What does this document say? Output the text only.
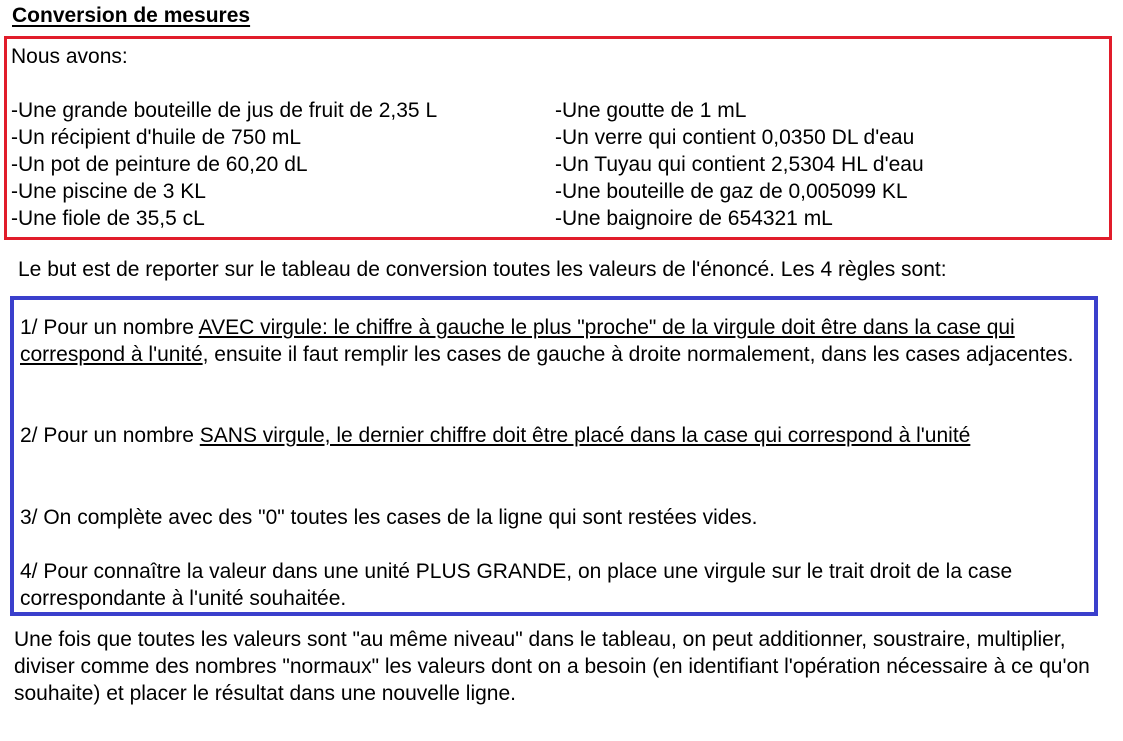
Conversion de mesures
Nous avons:
-Une grande bouteille de jus de fruit de 2,35 L
-Un récipient d'huile de 750 mL
-Un pot de peinture de 60,20 dL
-Une piscine de 3 KL
-Une fiole de 35,5 cL
-Une goutte de 1 mL
-Un verre qui contient 0,0350 DL d'eau
-Un Tuyau qui contient 2,5304 HL d'eau
-Une bouteille de gaz de 0,005099 KL
-Une baignoire de 654321 mL
Le but est de reporter sur le tableau de conversion toutes les valeurs de l'énoncé. Les 4 règles sont:
1/ Pour un nombre AVEC virgule: le chiffre à gauche le plus "proche" de la virgule doit être dans la case qui correspond à l'unité, ensuite il faut remplir les cases de gauche à droite normalement, dans les cases adjacentes.
2/ Pour un nombre SANS virgule, le dernier chiffre doit être placé dans la case qui correspond à l'unité
3/ On complète avec des "0" toutes les cases de la ligne qui sont restées vides.
4/ Pour connaître la valeur dans une unité PLUS GRANDE, on place une virgule sur le trait droit de la case correspondante à l'unité souhaitée.
Une fois que toutes les valeurs sont "au même niveau" dans le tableau, on peut additionner, soustraire, multiplier, diviser comme des nombres "normaux" les valeurs dont on a besoin (en identifiant l'opération nécessaire à ce qu'on souhaite) et placer le résultat dans une nouvelle ligne.
